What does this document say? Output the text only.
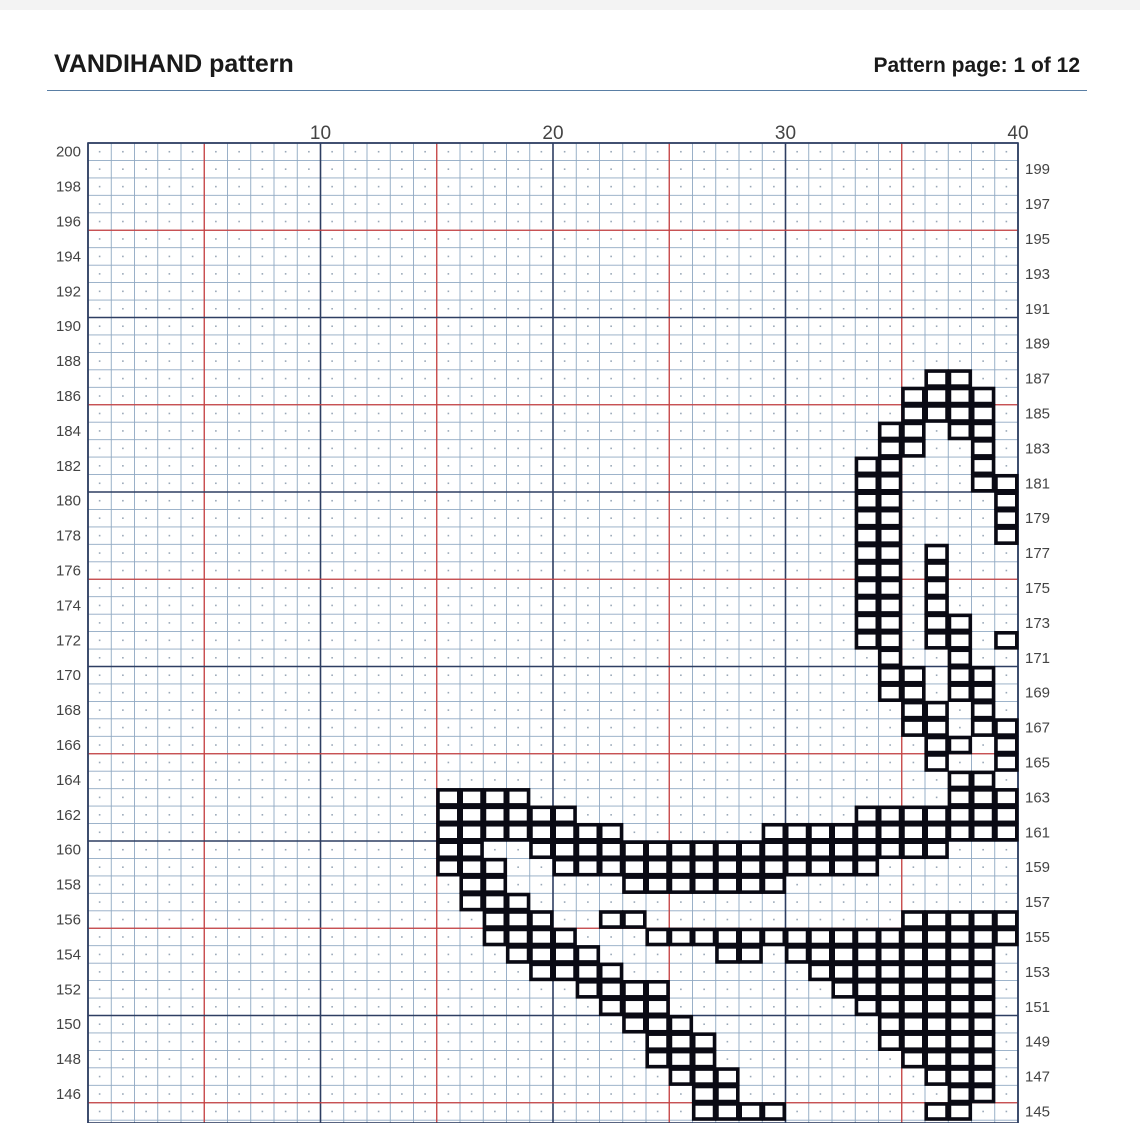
VANDIHAND pattern	Pattern page: 1 of 12
10	20	30	40
200
198
196
194
192
190
188
186
184
182
180
178
176
174
172
170
168
166
164
162
160
158
156
154
152
150
148
146
199
197
195
193
191
189
187
185
183
181
179
177
175
173
171
169
167
165
163
161
159
157
155
153
151
149
147
145
